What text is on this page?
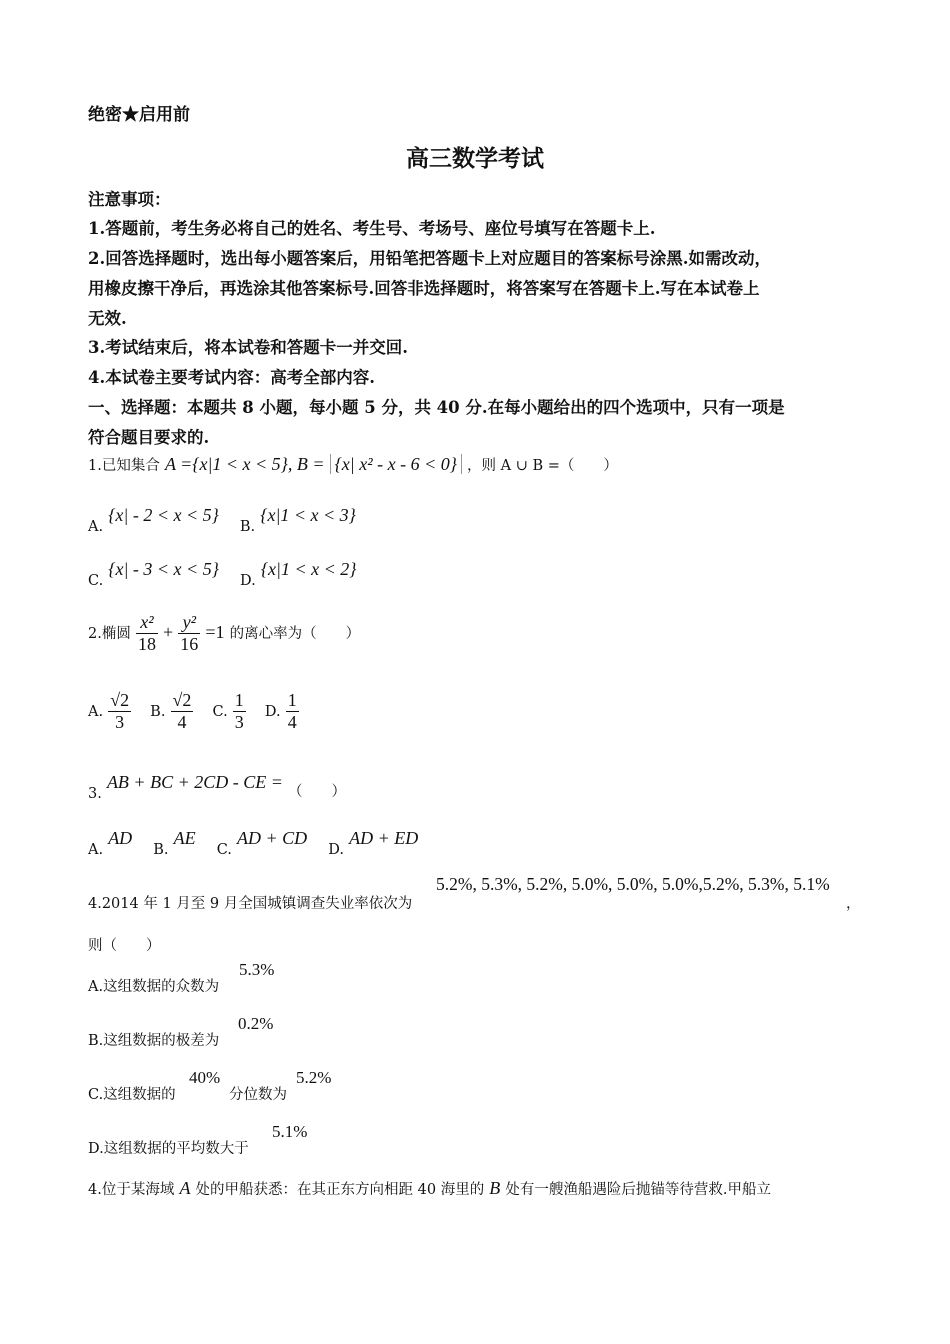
绝密★启用前
高三数学考试
注意事项：
1.答题前，考生务必将自己的姓名、考生号、考场号、座位号填写在答题卡上.
2.回答选择题时，选出每小题答案后，用铅笔把答题卡上对应题目的答案标号涂黑.如需改动，
用橡皮擦干净后，再选涂其他答案标号.回答非选择题时，将答案写在答题卡上.写在本试卷上
无效.
3.考试结束后，将本试卷和答题卡一并交回.
4.本试卷主要考试内容：高考全部内容.
一、选择题：本题共 8 小题，每小题 5 分，共 40 分.在每小题给出的四个选项中，只有一项是
符合题目要求的.
1.已知集合 A ={x|1 < x < 5}, B = {x| x² - x - 6 < 0} ，则 A ∪ B =（　　）
A. {x| - 2 < x < 5} B. {x|1 < x < 3}
C. {x| - 3 < x < 5} D. {x|1 < x < 2}
2.椭圆 $\frac{\text{x²}}{18} + \frac{\text{y²}}{16} =1$ 的离心率为（　　）
A. $\frac{√2}{3} B$. $\frac{√2}{4} C$. $\frac{1}{3} D$. $\frac{1}{4}$
3. AB + BC + 2CD - CE = （　　）
A. AD B. AE C. AD + CD D. AD + ED
4.2014 年 1 月至 9 月全国城镇调查失业率依次为
5.2%, 5.3%, 5.2%, 5.0%, 5.0%, 5.0%,5.2%, 5.3%, 5.1%
，
则（　　）
A.这组数据的众数为
5.3%
B.这组数据的极差为
0.2%
C.这组数据的
40%
分位数为
5.2%
D.这组数据的平均数大于
5.1%
4.位于某海域 A 处的甲船获悉：在其正东方向相距 40 海里的 B 处有一艘渔船遇险后抛锚等待营救.甲船立
